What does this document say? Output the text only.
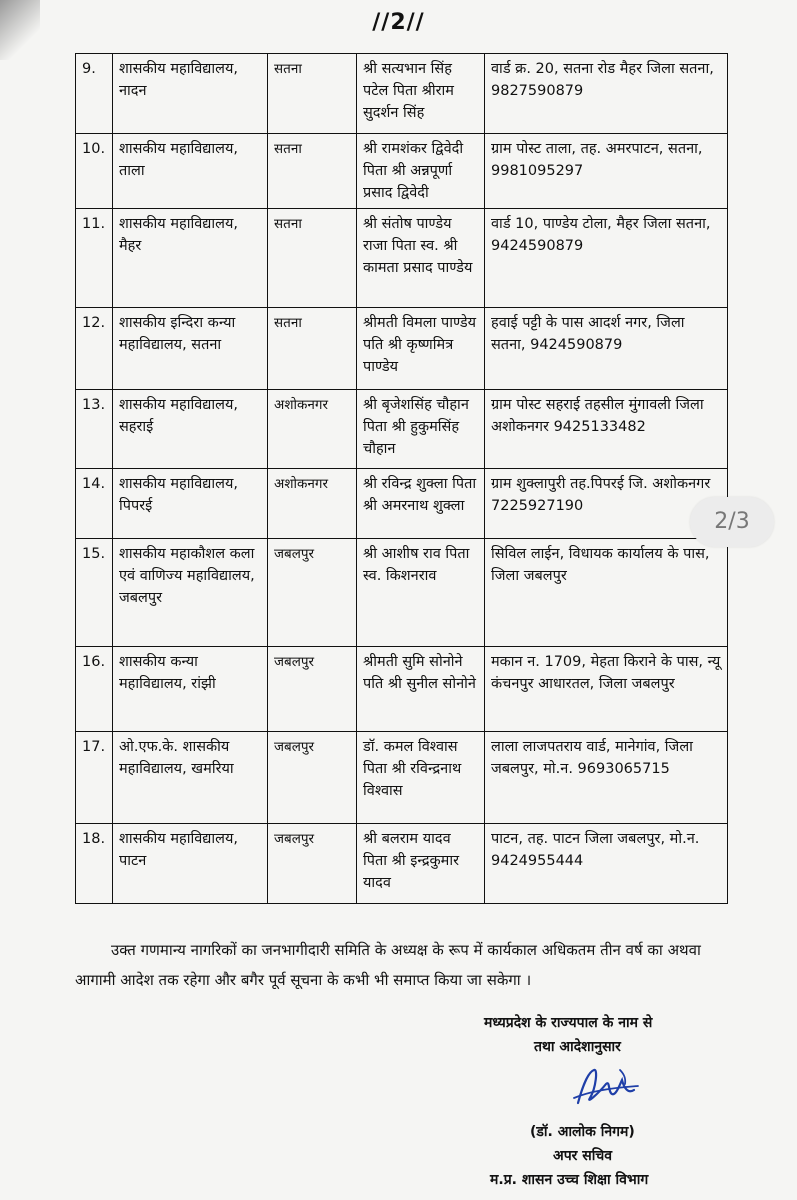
//2//
9.	शासकीय महाविद्यालय, नादन	सतना	श्री सत्यभान सिंह पटेल पिता श्रीराम सुदर्शन सिंह	वार्ड क्र. 20, सतना रोड मैहर जिला सतना, 9827590879
10.	शासकीय महाविद्यालय, ताला	सतना	श्री रामशंकर द्विवेदी पिता श्री अन्नपूर्णा प्रसाद द्विवेदी	ग्राम पोस्ट ताला, तह. अमरपाटन, सतना, 9981095297
11.	शासकीय महाविद्यालय, मैहर	सतना	श्री संतोष पाण्डेय राजा पिता स्व. श्री कामता प्रसाद पाण्डेय	वार्ड 10, पाण्डेय टोला, मैहर जिला सतना, 9424590879
12.	शासकीय इन्दिरा कन्या महाविद्यालय, सतना	सतना	श्रीमती विमला पाण्डेय पति श्री कृष्णमित्र पाण्डेय	हवाई पट्टी के पास आदर्श नगर, जिला सतना, 9424590879
13.	शासकीय महाविद्यालय, सहराई	अशोकनगर	श्री बृजेशसिंह चौहान पिता श्री हुकुमसिंह चौहान	ग्राम पोस्ट सहराई तहसील मुंगावली जिला अशोकनगर 9425133482
14.	शासकीय महाविद्यालय, पिपरई	अशोकनगर	श्री रविन्द्र शुक्ला पिता श्री अमरनाथ शुक्ला	ग्राम शुक्लापुरी तह.पिपरई जि. अशोकनगर 7225927190
15.	शासकीय महाकौशल कला एवं वाणिज्य महाविद्यालय, जबलपुर	जबलपुर	श्री आशीष राव पिता स्व. किशनराव	सिविल लाईन, विधायक कार्यालय के पास, जिला जबलपुर
16.	शासकीय कन्या महाविद्यालय, रांझी	जबलपुर	श्रीमती सुमि सोनोने पति श्री सुनील सोनोने	मकान न. 1709, मेहता किराने के पास, न्यू कंचनपुर आधारतल, जिला जबलपुर
17.	ओ.एफ.के. शासकीय महाविद्यालय, खमरिया	जबलपुर	डॉ. कमल विश्वास पिता श्री रविन्द्रनाथ विश्वास	लाला लाजपतराय वार्ड, मानेगांव, जिला जबलपुर, मो.न. 9693065715
18.	शासकीय महाविद्यालय, पाटन	जबलपुर	श्री बलराम यादव पिता श्री इन्द्रकुमार यादव	पाटन, तह. पाटन जिला जबलपुर, मो.न. 9424955444
2/3
उक्त गणमान्य नागरिकों का जनभागीदारी समिति के अध्यक्ष के रूप में कार्यकाल अधिकतम तीन वर्ष का अथवा आगामी आदेश तक रहेगा और बगैर पूर्व सूचना के कभी भी समाप्त किया जा सकेगा ।
मध्यप्रदेश के राज्यपाल के नाम से
तथा आदेशानुसार
(डॉ. आलोक निगम)
अपर सचिव
म.प्र. शासन उच्च शिक्षा विभाग
